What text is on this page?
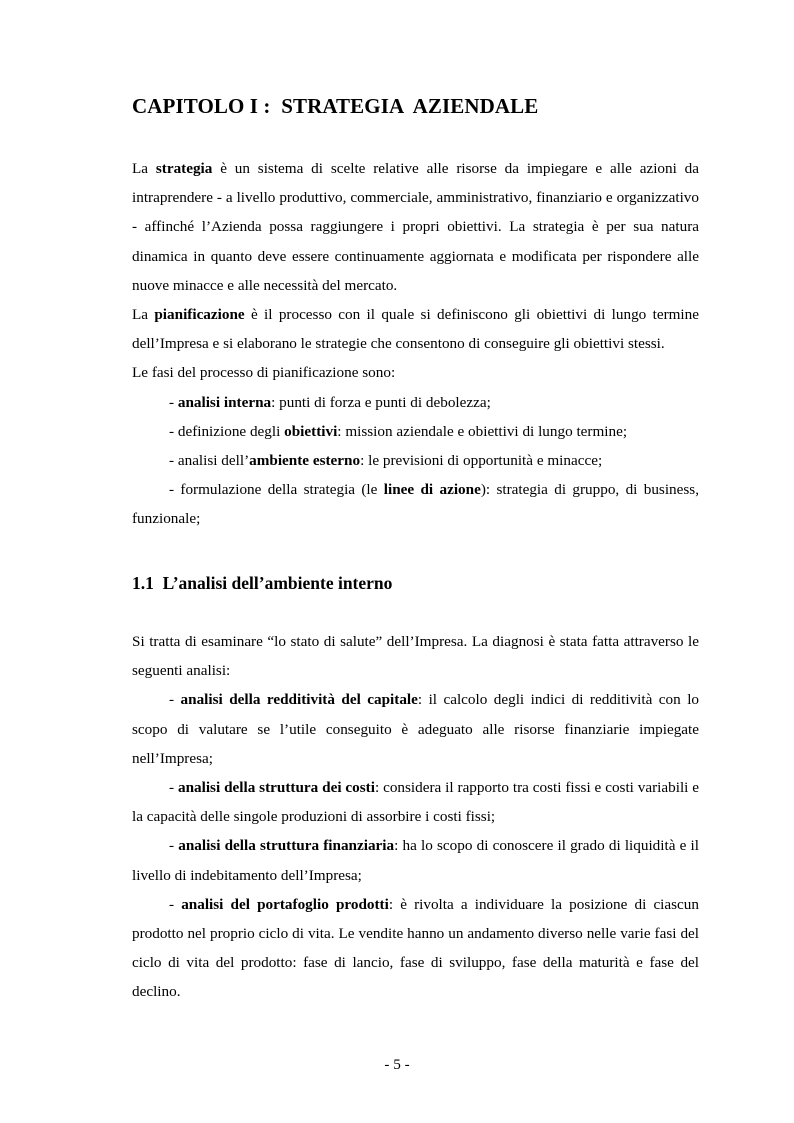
CAPITOLO I :  STRATEGIA  AZIENDALE

La strategia è un sistema di scelte relative alle risorse da impiegare e alle azioni da intraprendere - a livello produttivo, commerciale, amministrativo, finanziario e organizzativo - affinché l’Azienda possa raggiungere i propri obiettivi. La strategia è per sua natura dinamica in quanto deve essere continuamente aggiornata e modificata per rispondere alle nuove minacce e alle necessità del mercato.

La pianificazione è il processo con il quale si definiscono gli obiettivi di lungo termine dell’Impresa e si elaborano le strategie che consentono di conseguire gli obiettivi stessi.

Le fasi del processo di pianificazione sono:

- analisi interna: punti di forza e punti di debolezza;

- definizione degli obiettivi: mission aziendale e obiettivi di lungo termine;

- analisi dell’ambiente esterno: le previsioni di opportunità e minacce;

- formulazione della strategia (le linee di azione): strategia di gruppo, di business, funzionale;

1.1  L’analisi dell’ambiente interno

Si tratta di esaminare “lo stato di salute” dell’Impresa. La diagnosi è stata fatta attraverso le seguenti analisi:

- analisi della redditività del capitale: il calcolo degli indici di redditività con lo scopo di valutare se l’utile conseguito è adeguato alle risorse finanziarie impiegate nell’Impresa;

- analisi della struttura dei costi: considera il rapporto tra costi fissi e costi variabili e la capacità delle singole produzioni di assorbire i costi fissi;

- analisi della struttura finanziaria: ha lo scopo di conoscere il grado di liquidità e il livello di indebitamento dell’Impresa;

- analisi del portafoglio prodotti: è rivolta a individuare la posizione di ciascun prodotto nel proprio ciclo di vita. Le vendite hanno un andamento diverso nelle varie fasi del ciclo di vita del prodotto: fase di lancio, fase di sviluppo, fase della maturità e fase del declino.

- 5 -
